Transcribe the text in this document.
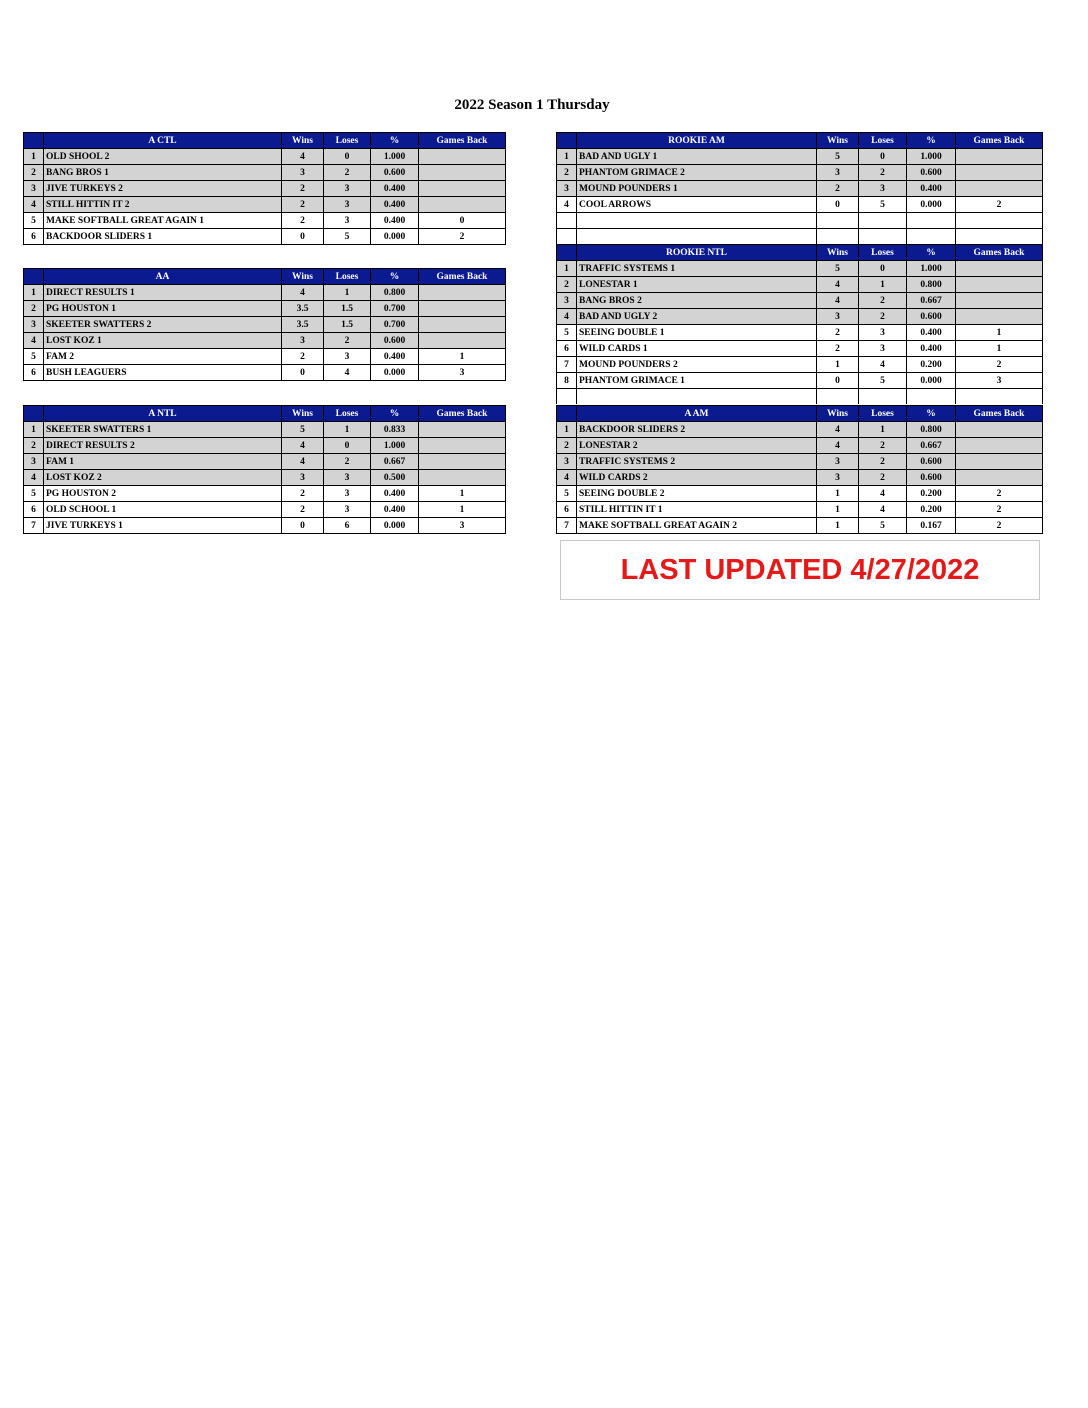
2022 Season 1 Thursday
	A CTL	Wins	Loses	%	Games Back
1	OLD SHOOL 2	4	0	1.000	
2	BANG BROS 1	3	2	0.600	
3	JIVE TURKEYS 2	2	3	0.400	
4	STILL HITTIN IT 2	2	3	0.400	
5	MAKE SOFTBALL GREAT AGAIN 1	2	3	0.400	0
6	BACKDOOR SLIDERS 1	0	5	0.000	2
	AA	Wins	Loses	%	Games Back
1	DIRECT RESULTS 1	4	1	0.800	
2	PG HOUSTON 1	3.5	1.5	0.700	
3	SKEETER SWATTERS 2	3.5	1.5	0.700	
4	LOST KOZ 1	3	2	0.600	
5	FAM 2	2	3	0.400	1
6	BUSH LEAGUERS	0	4	0.000	3
	A NTL	Wins	Loses	%	Games Back
1	SKEETER SWATTERS 1	5	1	0.833	
2	DIRECT RESULTS 2	4	0	1.000	
3	FAM 1	4	2	0.667	
4	LOST KOZ 2	3	3	0.500	
5	PG HOUSTON 2	2	3	0.400	1
6	OLD SCHOOL 1	2	3	0.400	1
7	JIVE TURKEYS 1	0	6	0.000	3
	ROOKIE AM	Wins	Loses	%	Games Back
1	BAD AND UGLY 1	5	0	1.000	
2	PHANTOM GRIMACE 2	3	2	0.600	
3	MOUND POUNDERS 1	2	3	0.400	
4	COOL ARROWS	0	5	0.000	2

	ROOKIE NTL	Wins	Loses	%	Games Back
1	TRAFFIC SYSTEMS 1	5	0	1.000	
2	LONESTAR 1	4	1	0.800	
3	BANG BROS 2	4	2	0.667	
4	BAD AND UGLY 2	3	2	0.600	
5	SEEING DOUBLE 1	2	3	0.400	1
6	WILD CARDS 1	2	3	0.400	1
7	MOUND POUNDERS 2	1	4	0.200	2
8	PHANTOM GRIMACE 1	0	5	0.000	3

	A AM	Wins	Loses	%	Games Back
1	BACKDOOR SLIDERS 2	4	1	0.800	
2	LONESTAR 2	4	2	0.667	
3	TRAFFIC SYSTEMS 2	3	2	0.600	
4	WILD CARDS 2	3	2	0.600	
5	SEEING DOUBLE 2	1	4	0.200	2
6	STILL HITTIN IT 1	1	4	0.200	2
7	MAKE SOFTBALL GREAT AGAIN 2	1	5	0.167	2
LAST UPDATED 4/27/2022
